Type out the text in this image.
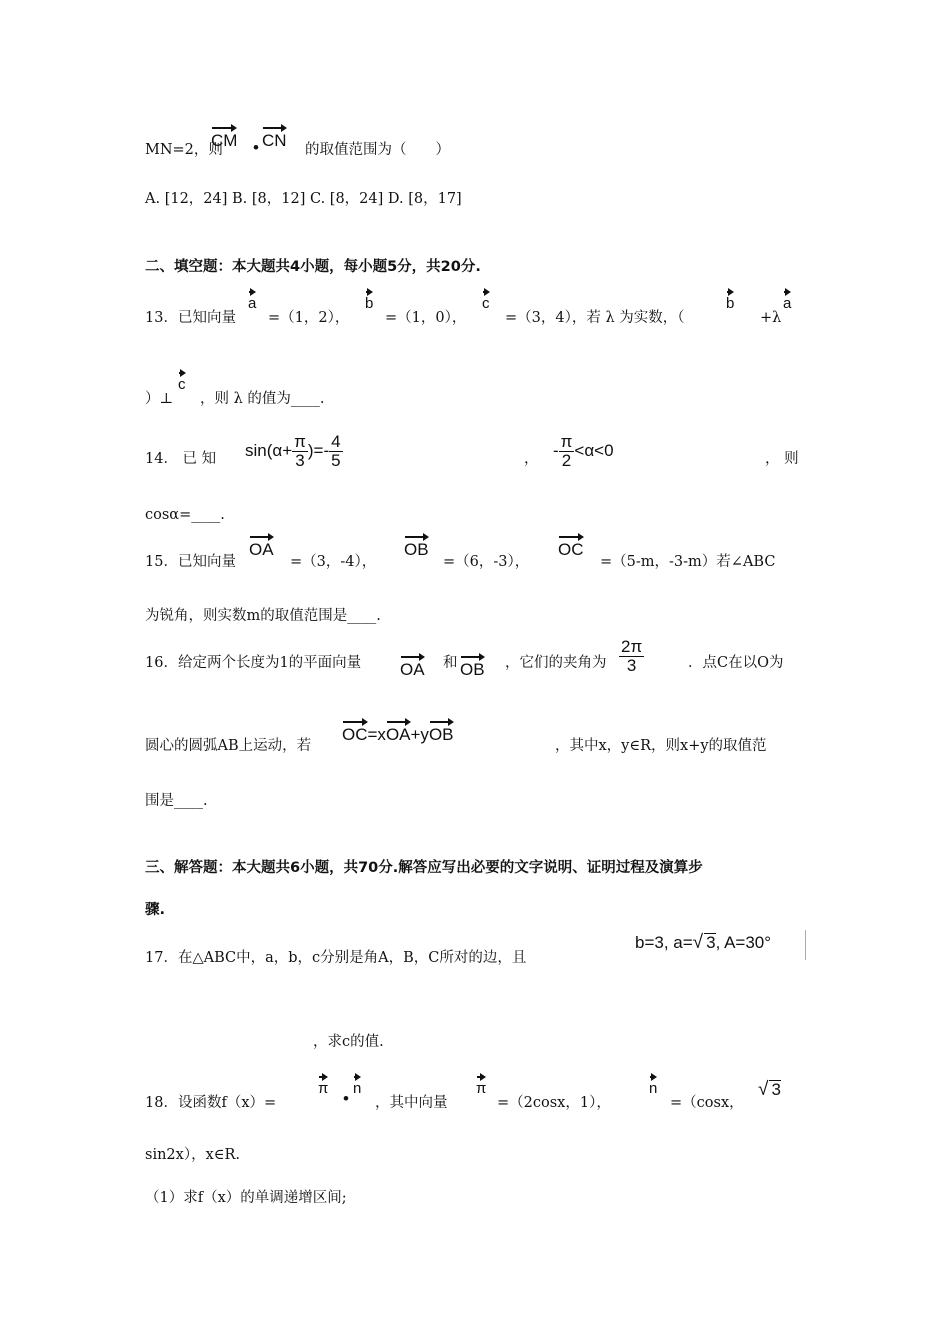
MN=2，则
CM • CN 的取值范围为（　　）
A. [12，24] B. [8，12] C. [8，24] D. [8，17]
二、填空题：本大题共4小题，每小题5分，共20分.
13．已知向量
a
=（1，2），
b
=（1，0），
c
=（3，4），若 λ 为实数，（
b
+λ
a
）⊥
c
，则 λ 的值为____.
14． 已 知 $\sin(\alpha+ \frac{\pi}{3}$ )=- $\frac{4}{5}$	， - $\frac{\pi}{2} <\alpha<0$	， 则
cosα=____.
15．已知向量
OA
=（3，-4），
OB
=（6，-3），
OC
=（5-m，-3-m）若∠ABC
为锐角，则实数m的取值范围是____.
16．给定两个长度为1的平面向量 OA 和 OB ，它们的夹角为 $\frac{2\pi}{3}$	．点C在以O为
圆心的圆弧AB上运动，若
OC=xOA+yOB
，其中x，y∈R，则x+y的取值范
围是____.
三、解答题：本大题共6小题，共70分.解答应写出必要的文字说明、证明过程及演算步
骤.
17．在△ABC中，a，b，c分别是角A，B，C所对的边，且
b=3, a=√ 3, A=30°
，求c的值.
18．设函数f（x）=
π
•
n
，其中向量
π
=（2cosx，1），
n
=（cosx，
√ 3
sin2x），x∈R.
（1）求f（x）的单调递增区间;
